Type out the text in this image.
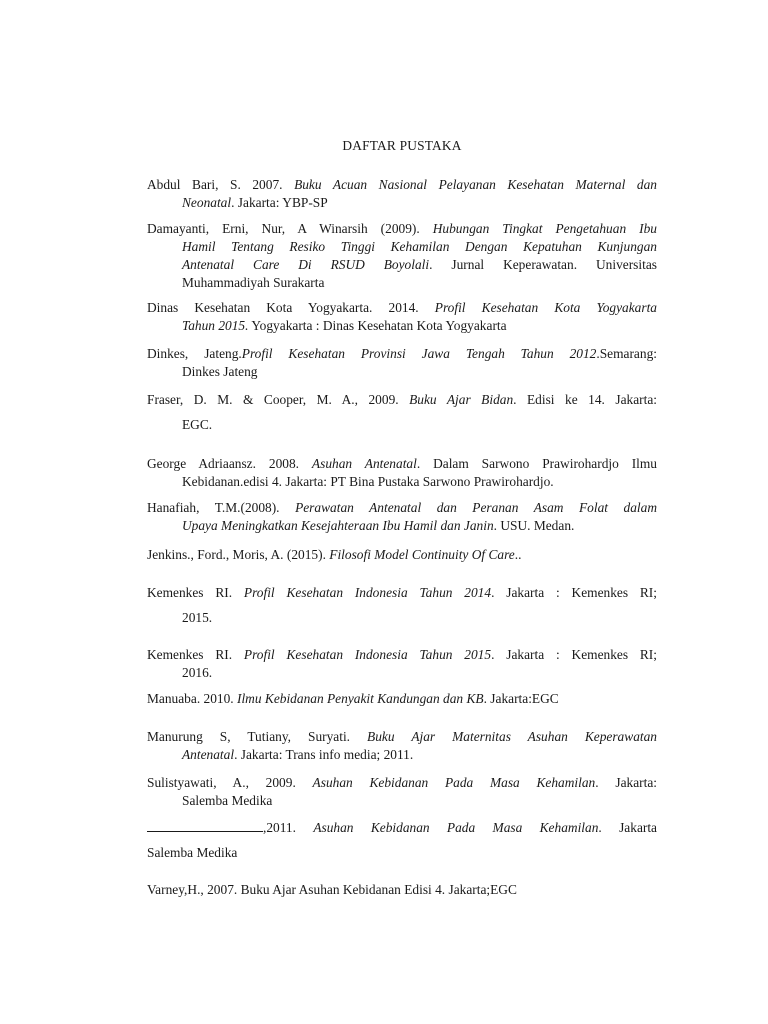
DAFTAR PUSTAKA
Abdul Bari, S. 2007. Buku Acuan Nasional Pelayanan Kesehatan Maternal dan
Neonatal. Jakarta: YBP-SP
Damayanti, Erni, Nur, A Winarsih (2009). Hubungan Tingkat Pengetahuan Ibu
Hamil Tentang Resiko Tinggi Kehamilan Dengan Kepatuhan Kunjungan
Antenatal Care Di RSUD Boyolali. Jurnal Keperawatan. Universitas
Muhammadiyah Surakarta
Dinas Kesehatan Kota Yogyakarta. 2014. Profil Kesehatan Kota Yogyakarta
Tahun 2015. Yogyakarta : Dinas Kesehatan Kota Yogyakarta
Dinkes, Jateng.Profil Kesehatan Provinsi Jawa Tengah Tahun 2012.Semarang:
Dinkes Jateng
Fraser, D. M. & Cooper, M. A., 2009. Buku Ajar Bidan. Edisi ke 14. Jakarta:
EGC.
George Adriaansz. 2008. Asuhan Antenatal. Dalam Sarwono Prawirohardjo Ilmu
Kebidanan.edisi 4. Jakarta: PT Bina Pustaka Sarwono Prawirohardjo.
Hanafiah, T.M.(2008). Perawatan Antenatal dan Peranan Asam Folat dalam
Upaya Meningkatkan Kesejahteraan Ibu Hamil dan Janin. USU. Medan.
Jenkins., Ford., Moris, A. (2015). Filosofi Model Continuity Of Care..
Kemenkes RI. Profil Kesehatan Indonesia Tahun 2014. Jakarta : Kemenkes RI;
2015.
Kemenkes RI. Profil Kesehatan Indonesia Tahun 2015. Jakarta : Kemenkes RI;
2016.
Manuaba. 2010. Ilmu Kebidanan Penyakit Kandungan dan KB. Jakarta:EGC
Manurung S, Tutiany, Suryati. Buku Ajar Maternitas Asuhan Keperawatan
Antenatal. Jakarta: Trans info media; 2011.
Sulistyawati, A., 2009. Asuhan Kebidanan Pada Masa Kehamilan. Jakarta:
Salemba Medika
,2011. Asuhan Kebidanan Pada Masa Kehamilan. Jakarta
Salemba Medika
Varney,H., 2007. Buku Ajar Asuhan Kebidanan Edisi 4. Jakarta;EGC
